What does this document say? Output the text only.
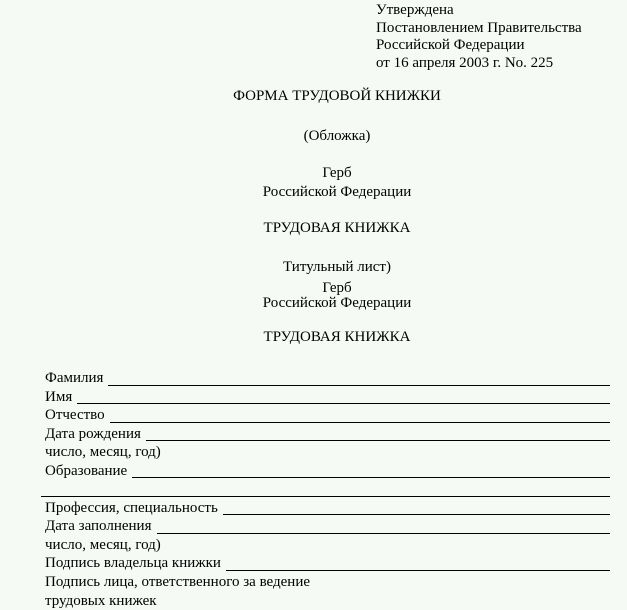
Утверждена
Постановлением Правительства
Российской Федерации
от 16 апреля 2003 г. No. 225
ФОРМА ТРУДОВОЙ КНИЖКИ
(Обложка)
Герб
Российской Федерации
ТРУДОВАЯ КНИЖКА
Титульный лист)
Герб
Российской Федерации
ТРУДОВАЯ КНИЖКА
Фамилия
Имя
Отчество
Дата рождения
число, месяц, год)
Образование
Профессия, специальность
Дата заполнения
число, месяц, год)
Подпись владельца книжки
Подпись лица, ответственного за ведение
трудовых книжек
